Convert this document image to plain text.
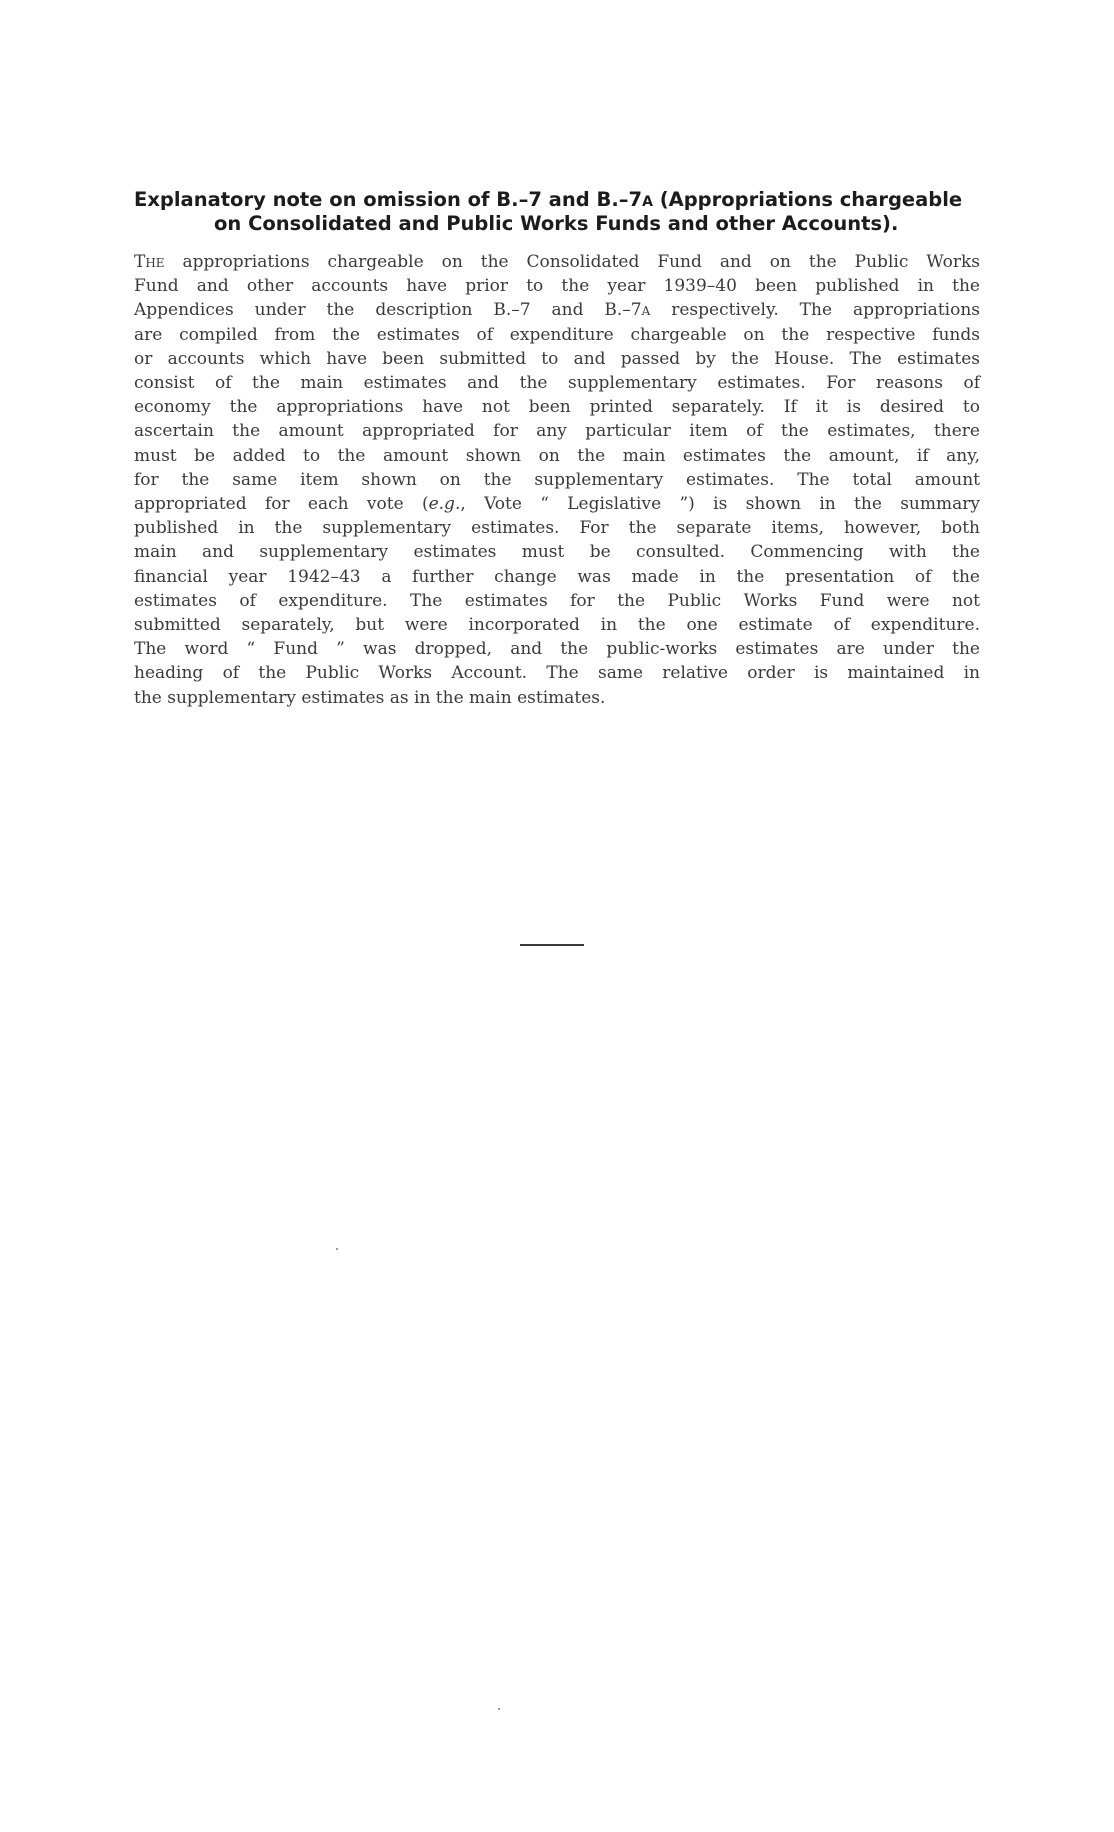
Explanatory note on omission of B.–7 and B.–7a (Appropriations chargeable
on Consolidated and Public Works Funds and other Accounts).
The appropriations chargeable on the Consolidated Fund and on the Public Works
Fund and other accounts have prior to the year 1939–40 been published in the
Appendices under the description B.–7 and B.–7a respectively. The appropriations
are compiled from the estimates of expenditure chargeable on the respective funds
or accounts which have been submitted to and passed by the House. The estimates
consist of the main estimates and the supplementary estimates. For reasons of
economy the appropriations have not been printed separately. If it is desired to
ascertain the amount appropriated for any particular item of the estimates, there
must be added to the amount shown on the main estimates the amount, if any,
for the same item shown on the supplementary estimates. The total amount
appropriated for each vote (e.g., Vote “ Legislative ”) is shown in the summary
published in the supplementary estimates. For the separate items, however, both
main and supplementary estimates must be consulted. Commencing with the
financial year 1942–43 a further change was made in the presentation of the
estimates of expenditure. The estimates for the Public Works Fund were not
submitted separately, but were incorporated in the one estimate of expenditure.
The word “ Fund ” was dropped, and the public-works estimates are under the
heading of the Public Works Account. The same relative order is maintained in
the supplementary estimates as in the main estimates.
